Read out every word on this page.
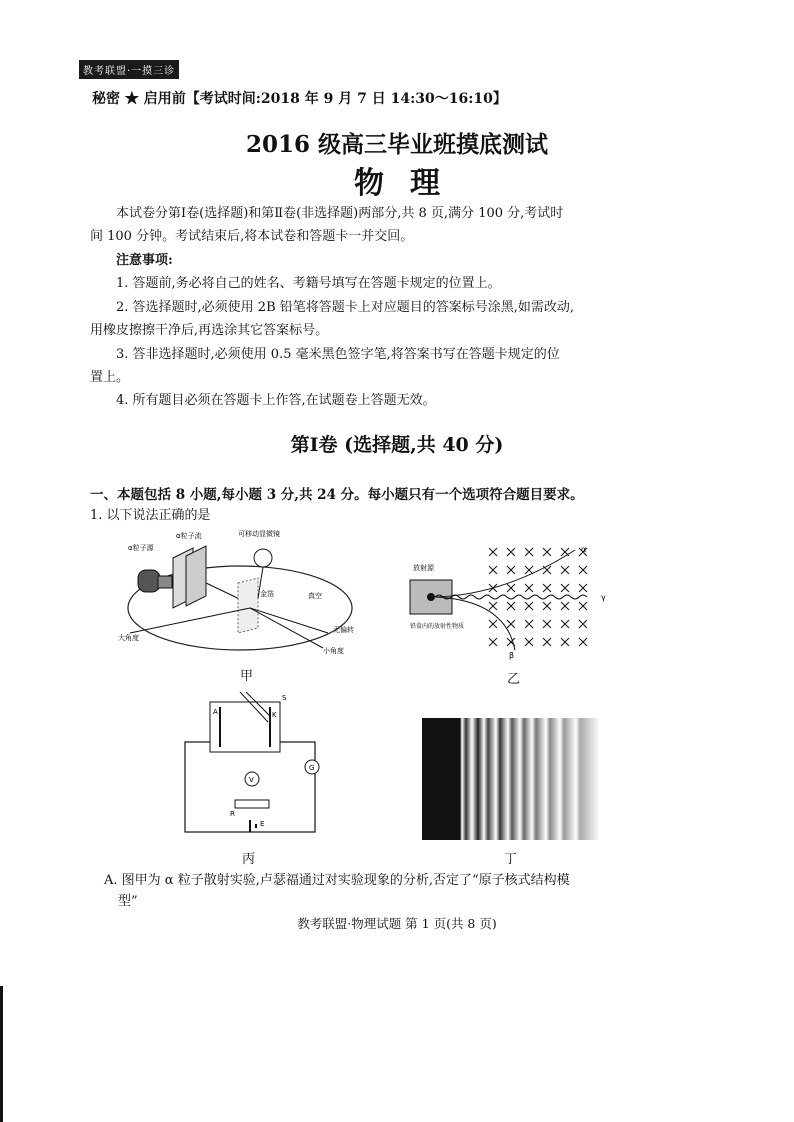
教考联盟·一摸三诊
秘密 ★ 启用前【考试时间:2018 年 9 月 7 日 14:30～16:10】
2016 级高三毕业班摸底测试
物理
本试卷分第Ⅰ卷(选择题)和第Ⅱ卷(非选择题)两部分,共 8 页,满分 100 分,考试时
间 100 分钟。考试结束后,将本试卷和答题卡一并交回。
注意事项:
1. 答题前,务必将自己的姓名、考籍号填写在答题卡规定的位置上。
2. 答选择题时,必须使用 2B 铅笔将答题卡上对应题目的答案标号涂黑,如需改动,
用橡皮擦擦干净后,再选涂其它答案标号。
3. 答非选择题时,必须使用 0.5 毫米黑色签字笔,将答案书写在答题卡规定的位
置上。
4. 所有题目必须在答题卡上作答,在试题卷上答题无效。
第Ⅰ卷 (选择题,共 40 分)
一、本题包括 8 小题,每小题 3 分,共 24 分。每小题只有一个选项符合题目要求。
1. 以下说法正确的是
α粒子源
α粒子流	可移动显微镜
金箔	真空
大角度
无偏转
小角度
甲
放射源
铅盒内的放射性物质
α
β
γ
乙
A	K
S
V
G
R
E
丙	丁
A. 图甲为 α 粒子散射实验,卢瑟福通过对实验现象的分析,否定了“原子核式结构模
型”
教考联盟·物理试题 第 1 页(共 8 页)
